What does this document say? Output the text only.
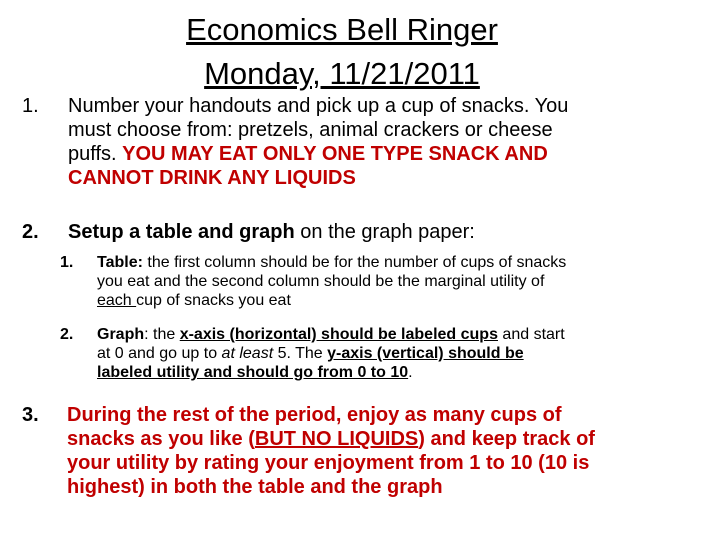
Economics Bell Ringer
Monday, 11/21/2011
1. Number your handouts and pick up a cup of snacks. You
must choose from: pretzels, animal crackers or cheese
puffs. YOU MAY EAT ONLY ONE TYPE SNACK AND
CANNOT DRINK ANY LIQUIDS
2. Setup a table and graph on the graph paper:
1. Table: the first column should be for the number of cups of snacks
you eat and the second column should be the marginal utility of
each cup of snacks you eat
2. Graph: the x-axis (horizontal) should be labeled cups and start
at 0 and go up to at least 5. The y-axis (vertical) should be
labeled utility and should go from 0 to 10.
3. During the rest of the period, enjoy as many cups of
snacks as you like (BUT NO LIQUIDS) and keep track of
your utility by rating your enjoyment from 1 to 10 (10 is
highest) in both the table and the graph
